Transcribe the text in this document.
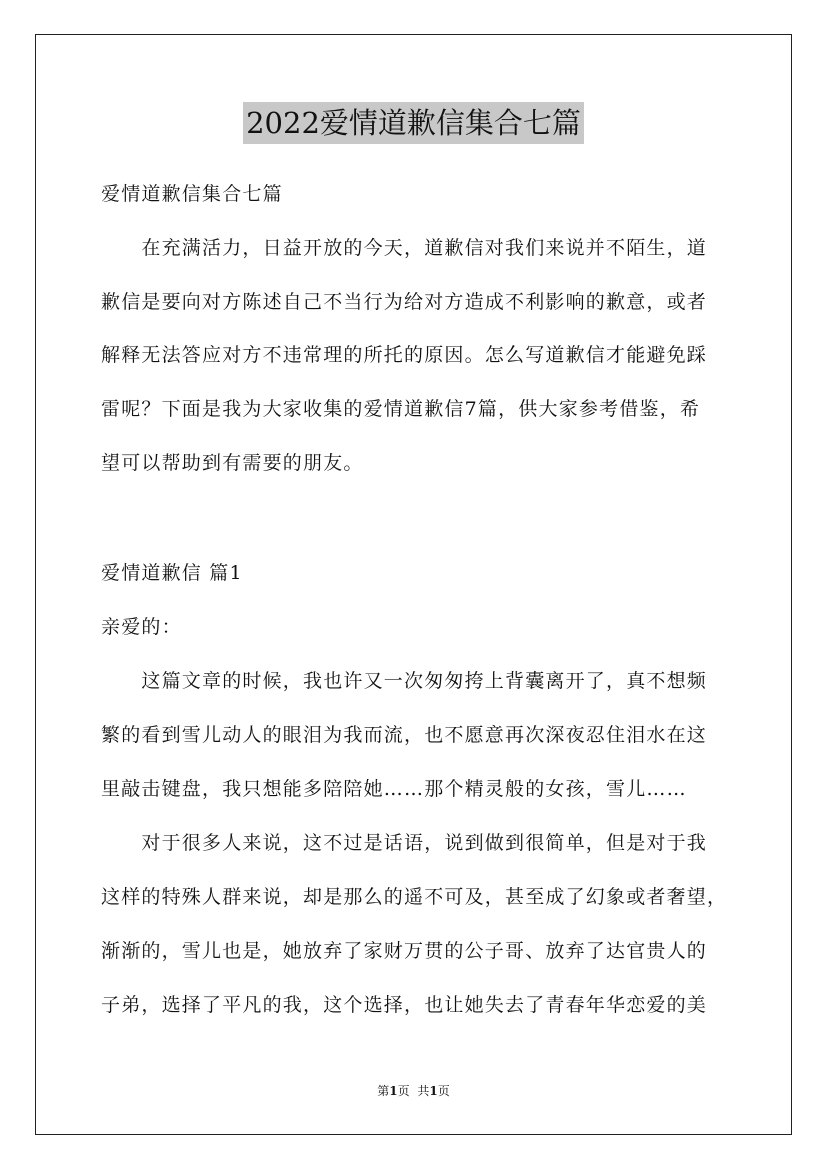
2022爱情道歉信集合七篇
爱情道歉信集合七篇
　　在充满活力，日益开放的今天，道歉信对我们来说并不陌生，道
歉信是要向对方陈述自己不当行为给对方造成不利影响的歉意，或者
解释无法答应对方不违常理的所托的原因。怎么写道歉信才能避免踩
雷呢？下面是我为大家收集的爱情道歉信7篇，供大家参考借鉴，希
望可以帮助到有需要的朋友。
爱情道歉信 篇1
亲爱的：
　　这篇文章的时候，我也许又一次匆匆挎上背囊离开了，真不想频
繁的看到雪儿动人的眼泪为我而流，也不愿意再次深夜忍住泪水在这
里敲击键盘，我只想能多陪陪她……那个精灵般的女孩，雪儿……
　　对于很多人来说，这不过是话语，说到做到很简单，但是对于我
这样的特殊人群来说，却是那么的遥不可及，甚至成了幻象或者奢望，
渐渐的，雪儿也是，她放弃了家财万贯的公子哥、放弃了达官贵人的
子弟，选择了平凡的我，这个选择，也让她失去了青春年华恋爱的美
第1页 共1页
